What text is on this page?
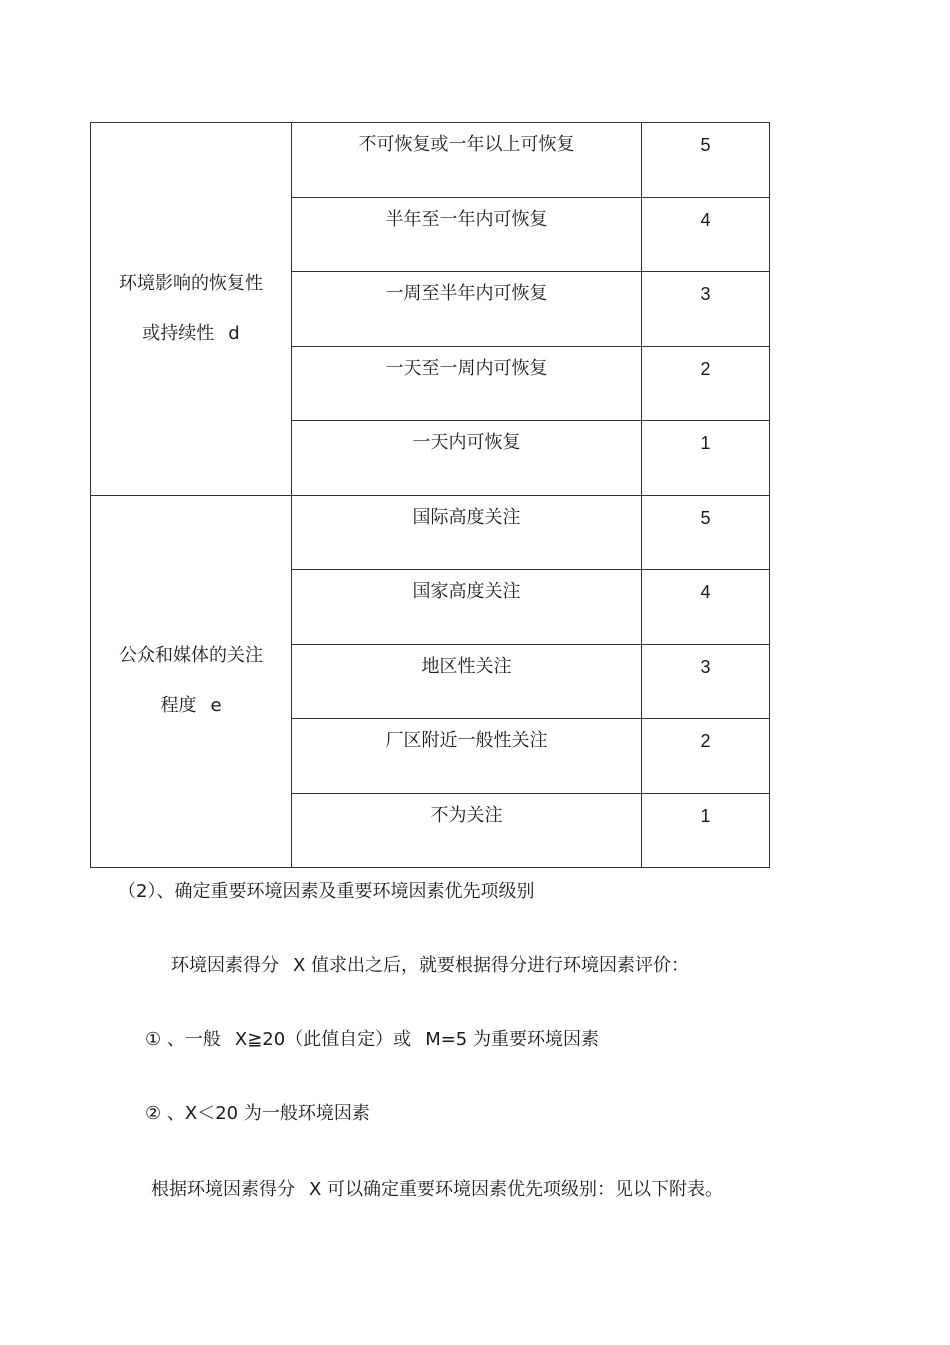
环境影响的恢复性
或持续性 d	不可恢复或一年以上可恢复	5
	半年至一年内可恢复	4
	一周至半年内可恢复	3
	一天至一周内可恢复	2
	一天内可恢复	1

公众和媒体的关注
程度 e	国际高度关注	5
	国家高度关注	4
	地区性关注	3
	厂区附近一般性关注	2
	不为关注	1

（2）、确定重要环境因素及重要环境因素优先项级别

环境因素得分 X 值求出之后，就要根据得分进行环境因素评价：

① 、一般 X≧20（此值自定）或 M=5 为重要环境因素

② 、X＜20 为一般环境因素

根据环境因素得分 X 可以确定重要环境因素优先项级别：见以下附表。
